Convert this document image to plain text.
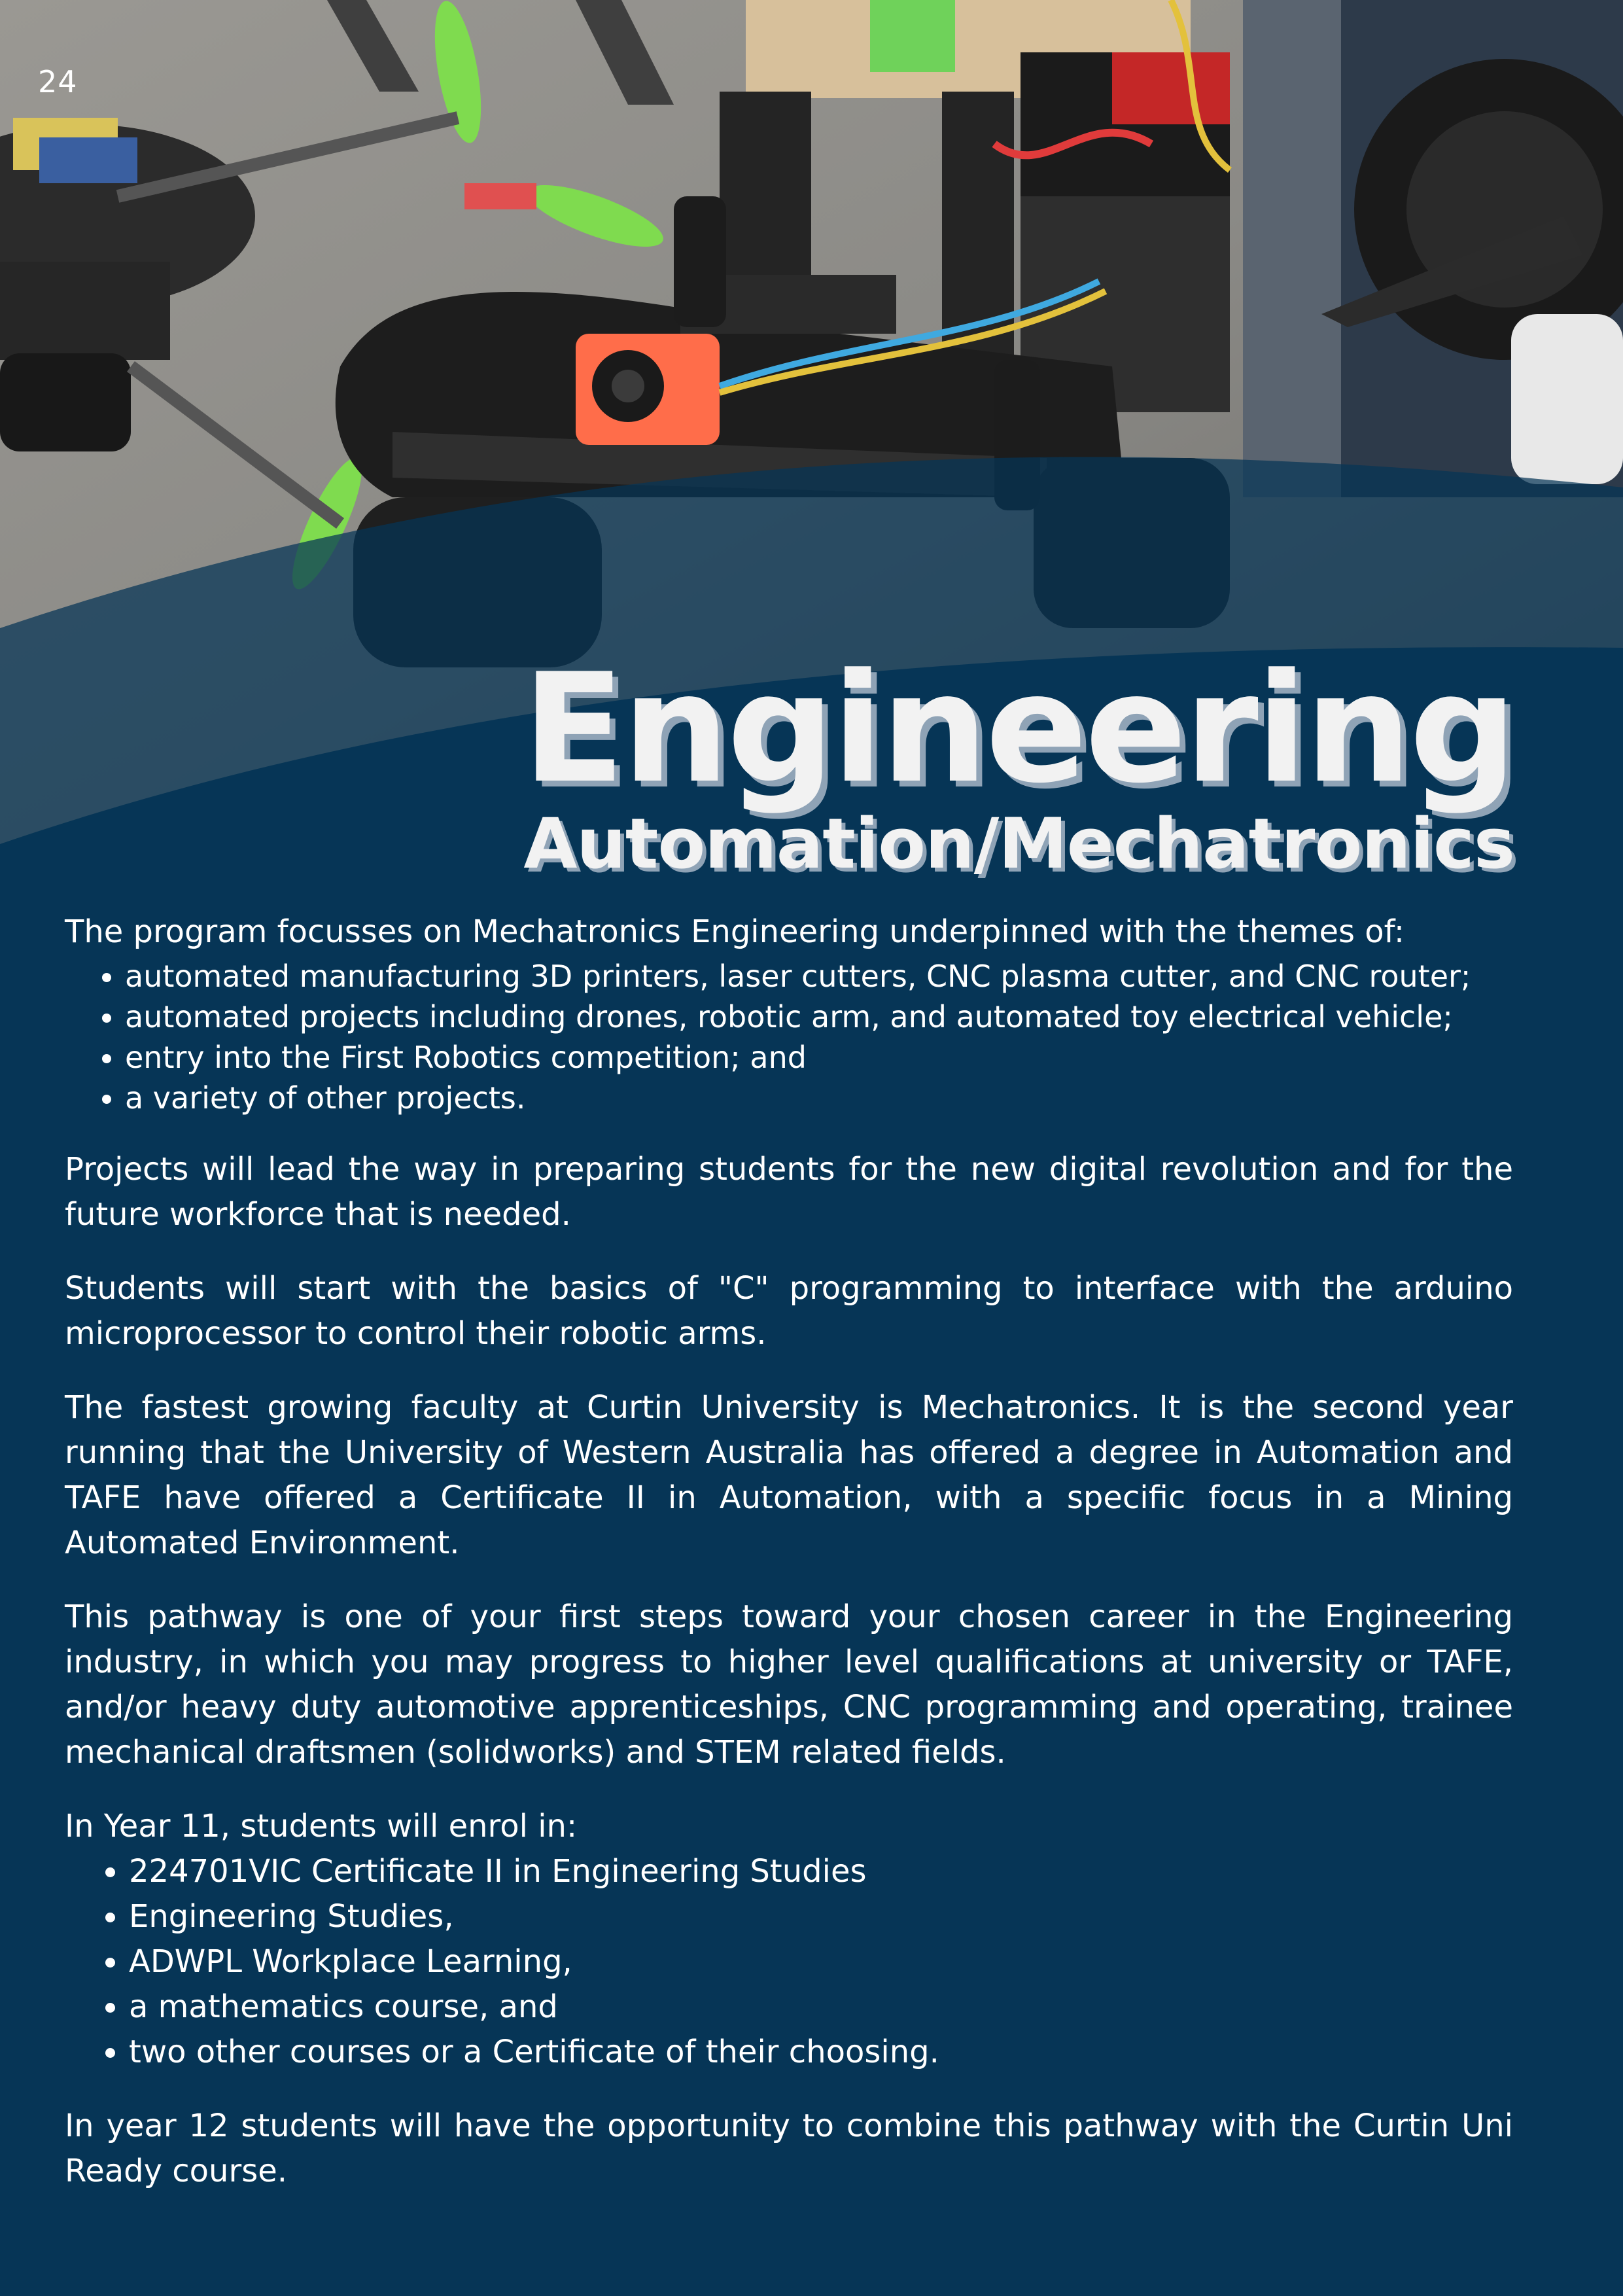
24
Engineering
Automation/Mechatronics

The program focusses on Mechatronics Engineering underpinned with the themes of:

• automated manufacturing 3D printers, laser cutters, CNC plasma cutter, and CNC router;
• automated projects including drones, robotic arm, and automated toy electrical vehicle;
• entry into the First Robotics competition; and
• a variety of other projects.

Projects will lead the way in preparing students for the new digital revolution and for the future workforce that is needed.

Students will start with the basics of "C" programming to interface with the arduino microprocessor to control their robotic arms.

The fastest growing faculty at Curtin University is Mechatronics. It is the second year running that the University of Western Australia has offered a degree in Automation and TAFE have offered a Certificate II in Automation, with a specific focus in a Mining Automated Environment.

This pathway is one of your first steps toward your chosen career in the Engineering industry, in which you may progress to higher level qualifications at university or TAFE, and/or heavy duty automotive apprenticeships, CNC programming and operating, trainee mechanical draftsmen (solidworks) and STEM related fields.

In Year 11, students will enrol in:

• 224701VIC Certificate II in Engineering Studies
• Engineering Studies,
• ADWPL Workplace Learning,
• a mathematics course, and
• two other courses or a Certificate of their choosing.

In year 12 students will have the opportunity to combine this pathway with the Curtin Uni Ready course.
